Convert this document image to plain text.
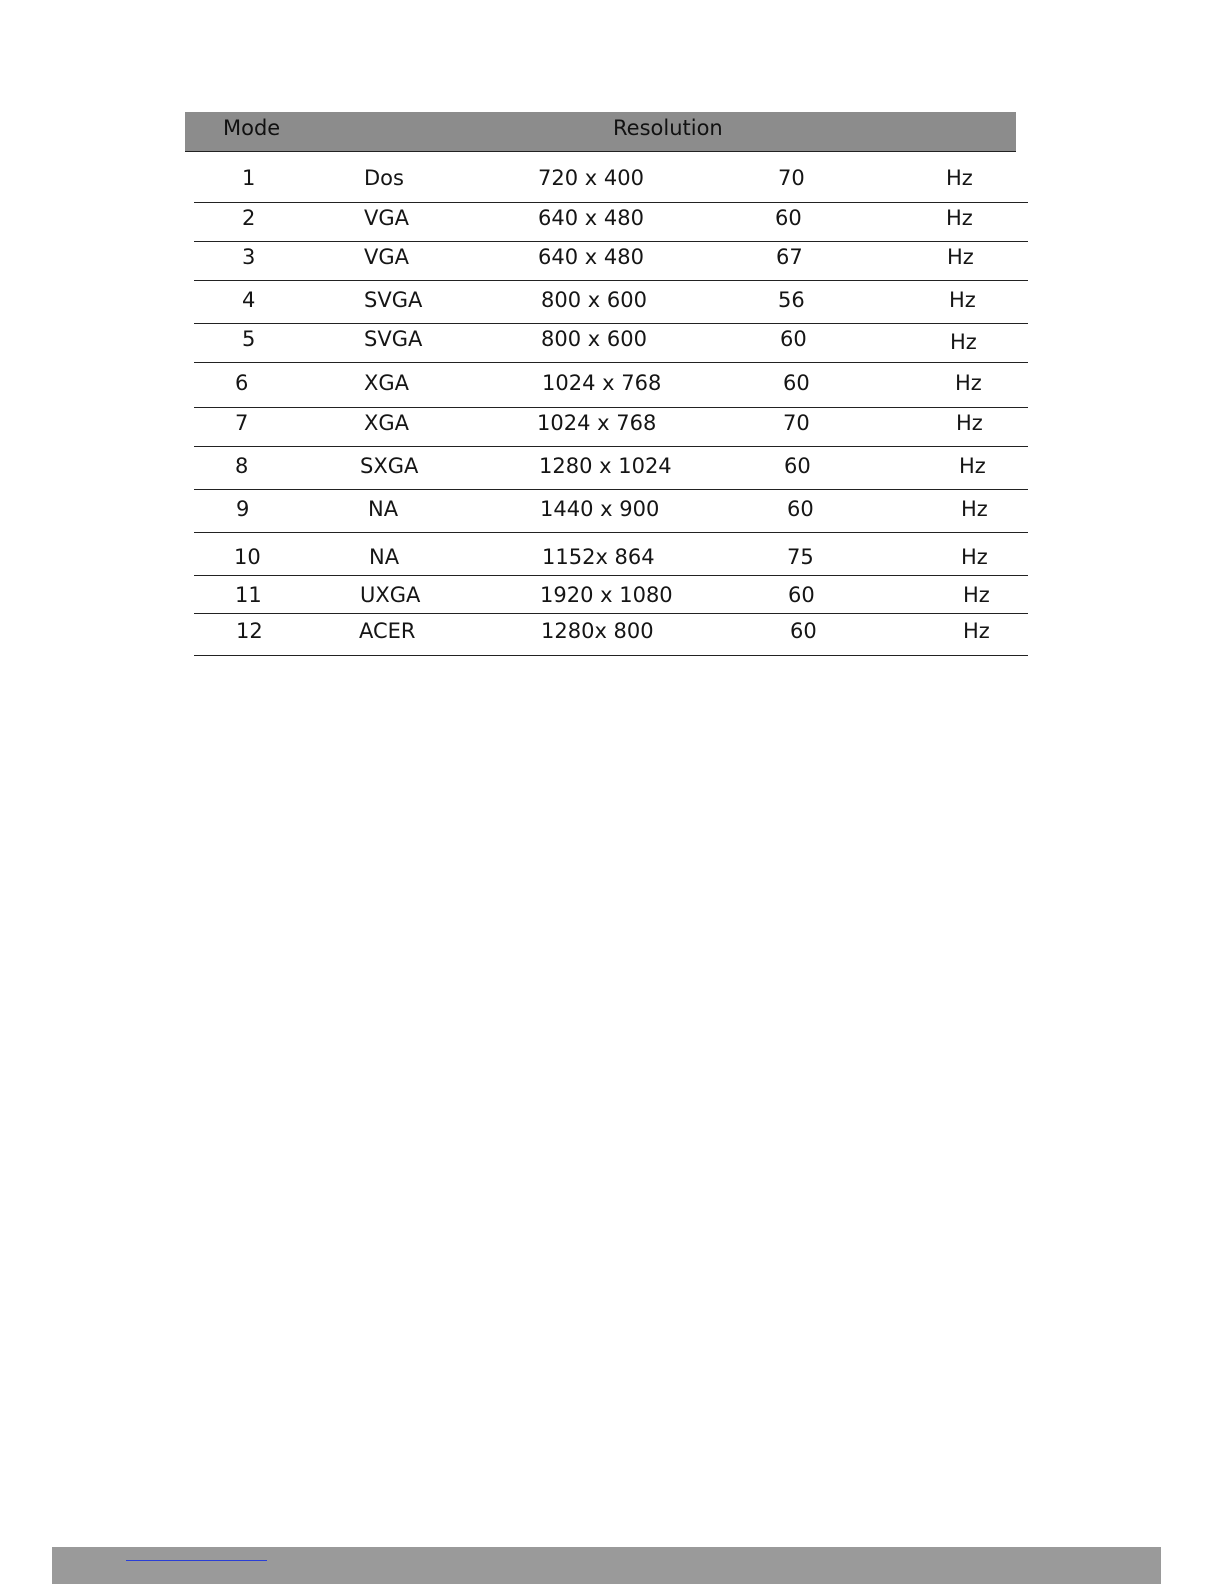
Mode	Resolution
1	Dos	720 x 400	70	Hz
2	VGA	640 x 480	60	Hz
3	VGA	640 x 480	67	Hz
4	SVGA	800 x 600	56	Hz
5	SVGA	800 x 600	60	Hz
6	XGA	1024 x 768	60	Hz
7	XGA	1024 x 768	70	Hz
8	SXGA	1280 x 1024	60	Hz
9	NA	1440 x 900	60	Hz
10	NA	1152x 864	75	Hz
11	UXGA	1920 x 1080	60	Hz
12	ACER	1280x 800	60	Hz
